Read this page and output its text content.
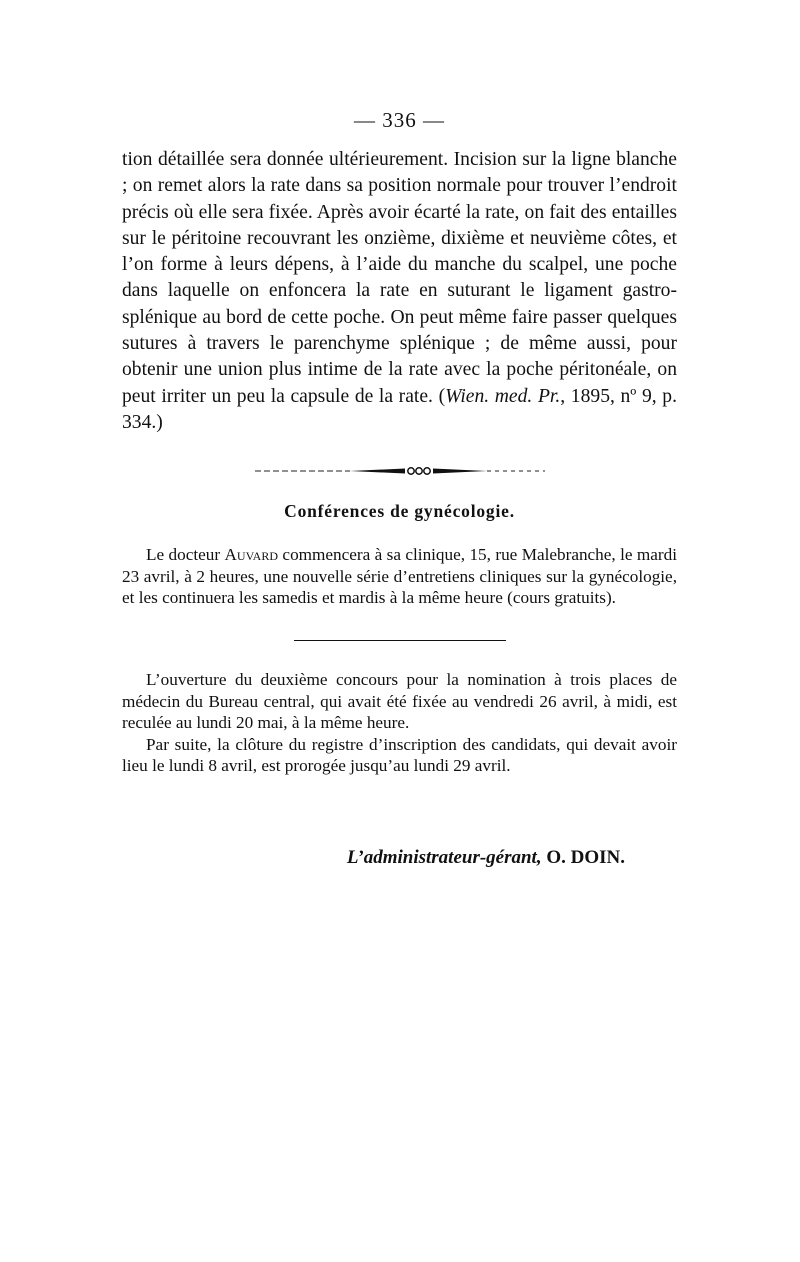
— 336 —

tion détaillée sera donnée ultérieurement. Incision sur la ligne blanche ; on remet alors la rate dans sa position normale pour trouver l’endroit précis où elle sera fixée. Après avoir écarté la rate, on fait des entailles sur le péritoine recouvrant les onzième, dixième et neuvième côtes, et l’on forme à leurs dépens, à l’aide du manche du scalpel, une poche dans laquelle on enfoncera la rate en suturant le ligament gastro-splénique au bord de cette poche. On peut même faire passer quelques sutures à travers le parenchyme splénique ; de même aussi, pour obtenir une union plus intime de la rate avec la poche péritonéale, on peut irriter un peu la capsule de la rate. (Wien. med. Pr., 1895, nº 9, p. 334.)

Conférences de gynécologie.

Le docteur Auvard commencera à sa clinique, 15, rue Malebranche, le mardi 23 avril, à 2 heures, une nouvelle série d’entretiens cliniques sur la gynécologie, et les continuera les samedis et mardis à la même heure (cours gratuits).

L’ouverture du deuxième concours pour la nomination à trois places de médecin du Bureau central, qui avait été fixée au vendredi 26 avril, à midi, est reculée au lundi 20 mai, à la même heure.

Par suite, la clôture du registre d’inscription des candidats, qui devait avoir lieu le lundi 8 avril, est prorogée jusqu’au lundi 29 avril.

L’administrateur-gérant, O. DOIN.
